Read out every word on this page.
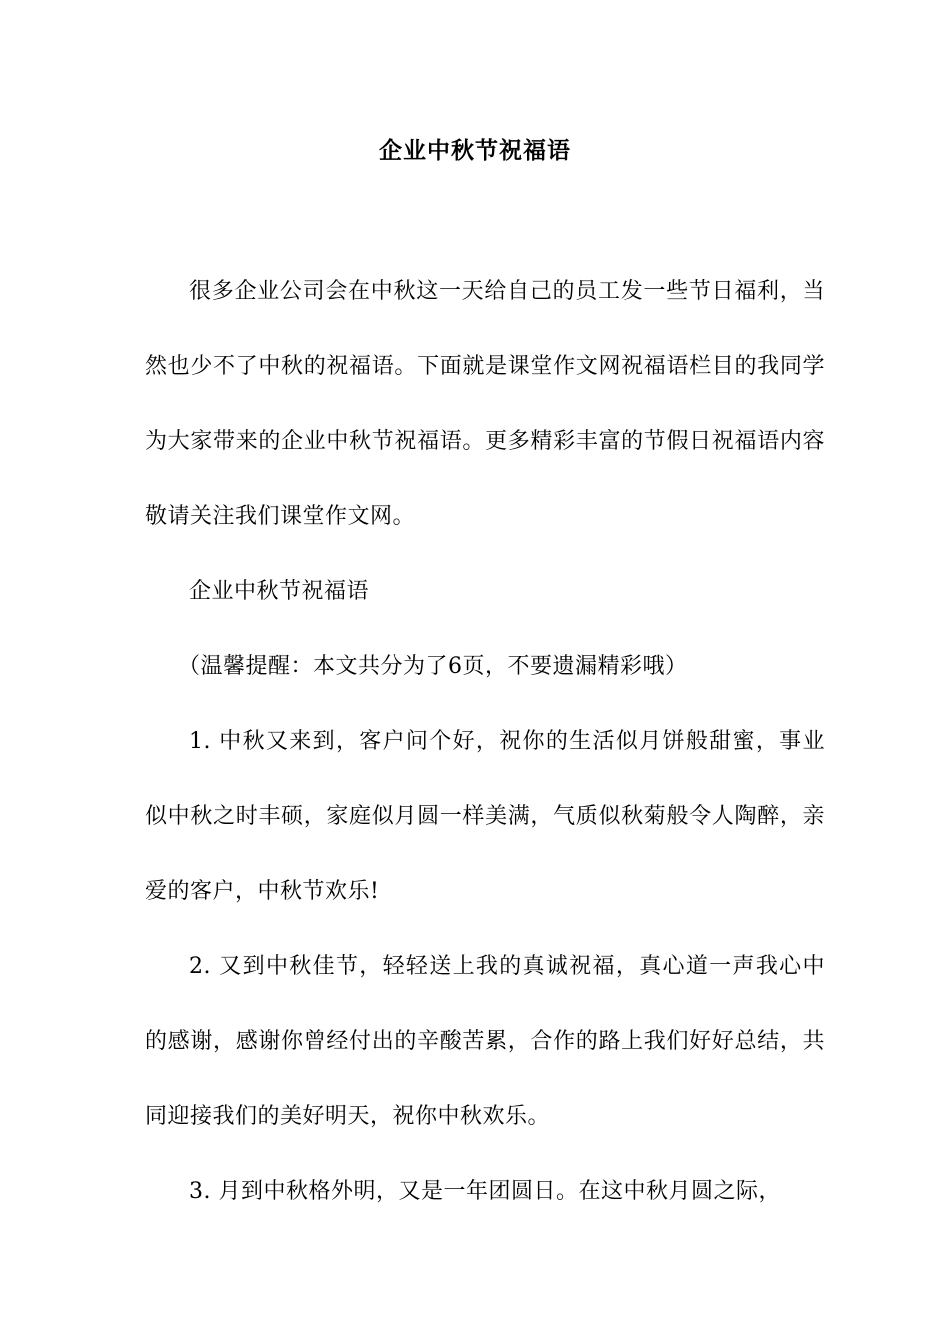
企业中秋节祝福语

很多企业公司会在中秋这一天给自己的员工发一些节日福利，当然也少不了中秋的祝福语。下面就是课堂作文网祝福语栏目的我同学为大家带来的企业中秋节祝福语。更多精彩丰富的节假日祝福语内容敬请关注我们课堂作文网。

企业中秋节祝福语

（温馨提醒：本文共分为了6页，不要遗漏精彩哦）

1. 中秋又来到，客户问个好，祝你的生活似月饼般甜蜜，事业似中秋之时丰硕，家庭似月圆一样美满，气质似秋菊般令人陶醉，亲爱的客户，中秋节欢乐!

2. 又到中秋佳节，轻轻送上我的真诚祝福，真心道一声我心中的感谢，感谢你曾经付出的辛酸苦累，合作的路上我们好好总结，共同迎接我们的美好明天，祝你中秋欢乐。

3. 月到中秋格外明，又是一年团圆日。在这中秋月圆之际，
